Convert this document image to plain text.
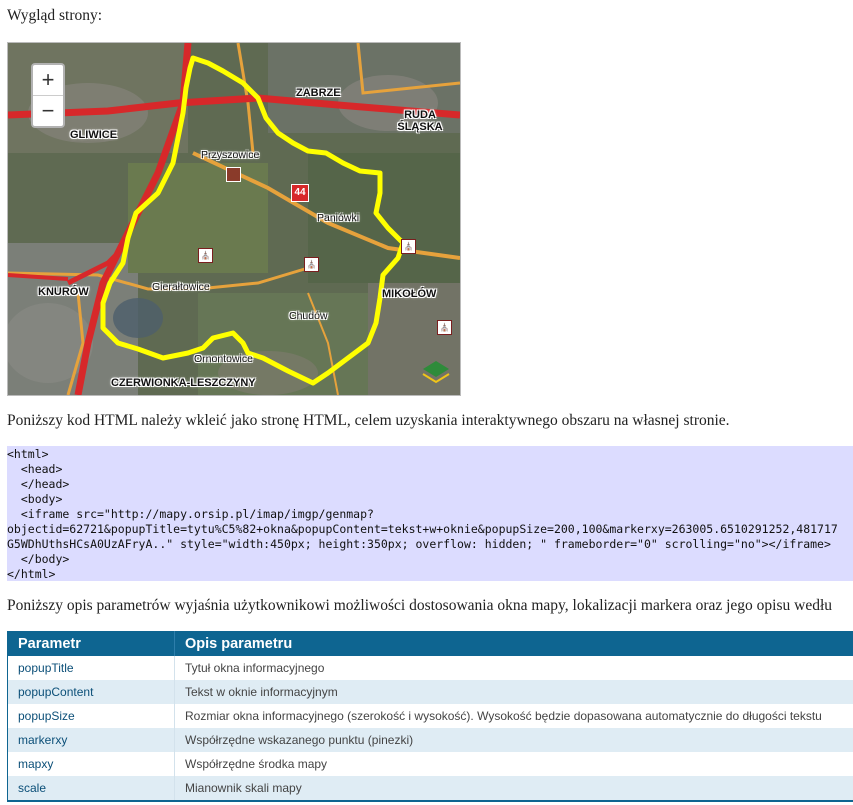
Wygląd strony:

+
−
ZABRZE
RUDA ŚLĄSKA
GLIWICE
Przyszowice
Paniówki
KNURÓW	Gierałtowice
MIKOŁÓW
Chudów
Ornontowice
CZERWIONKA-LESZCZYNY
44
⛪
⛪
⛪
⛪

Poniższy kod HTML należy wkleić jako stronę HTML, celem uzyskania interaktywnego obszaru na własnej stronie.

<html>
<head>
</head>
<body>
<iframe src="http://mapy.orsip.pl/imap/imgp/genmap?
objectid=62721&popupTitle=tytu%C5%82+okna&popupContent=tekst+w+oknie&popupSize=200,100&markerxy=263005.6510291252,481717
G5WDhUthsHCsA0UzAFryA.." style="width:450px; height:350px; overflow: hidden; " frameborder="0" scrolling="no"></iframe>
</body>
</html>

Poniższy opis parametrów wyjaśnia użytkownikowi możliwości dostosowania okna mapy, lokalizacji markera oraz jego opisu wedłu

Parametr	Opis parametru
popupTitle	Tytuł okna informacyjnego
popupContent	Tekst w oknie informacyjnym
popupSize	Rozmiar okna informacyjnego (szerokość i wysokość). Wysokość będzie dopasowana automatycznie do długości tekstu
markerxy	Współrzędne wskazanego punktu (pinezki)
mapxy	Współrzędne środka mapy
scale	Mianownik skali mapy
